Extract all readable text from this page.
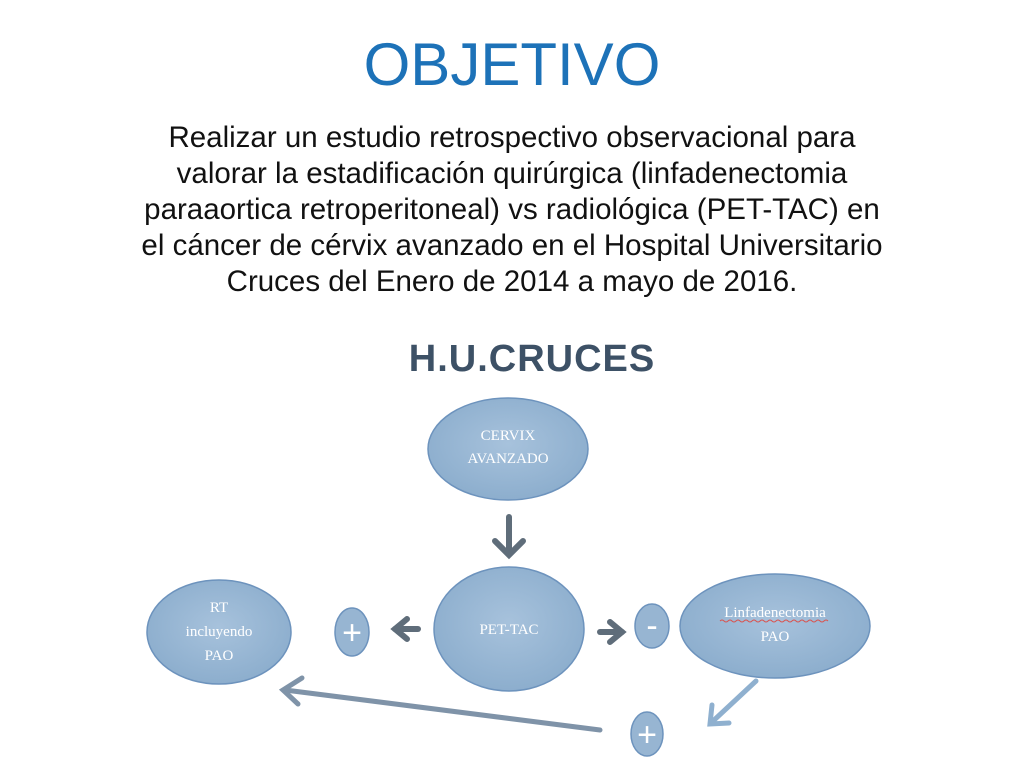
OBJETIVO
Realizar un estudio retrospectivo observacional para
valorar la estadificación quirúrgica (linfadenectomia
paraaortica retroperitoneal) vs radiológica (PET-TAC) en
el cáncer de cérvix avanzado en el Hospital Universitario
Cruces del Enero de 2014 a mayo de 2016.
H.U.CRUCES
CERVIX
AVANZADO
PET-TAC
RT
incluyendo
PAO
Linfadenectomia
PAO
+	-
+
